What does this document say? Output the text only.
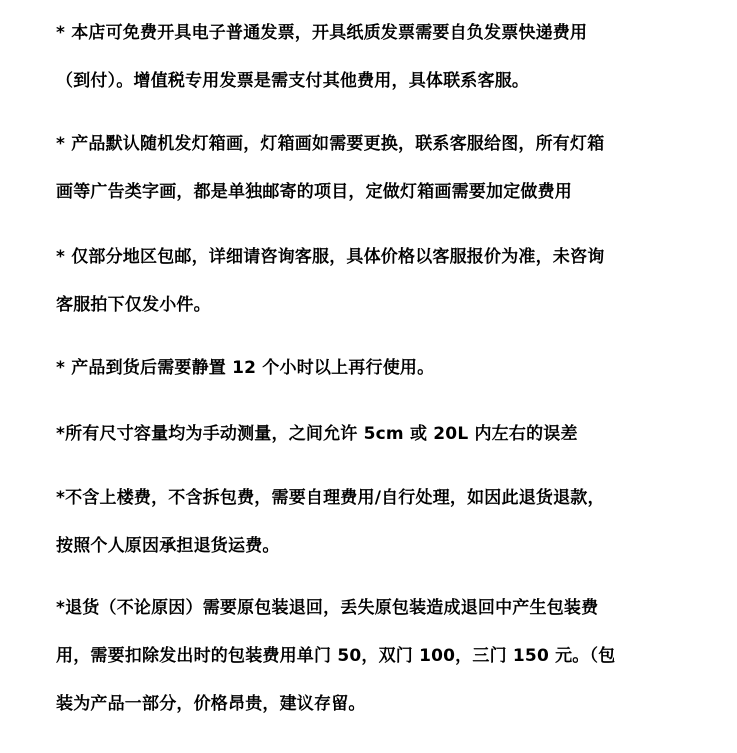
* 本店可免费开具电子普通发票，开具纸质发票需要自负发票快递费用
（到付）。增值税专用发票是需支付其他费用，具体联系客服。

* 产品默认随机发灯箱画，灯箱画如需要更换，联系客服给图，所有灯箱
画等广告类字画，都是单独邮寄的项目，定做灯箱画需要加定做费用

* 仅部分地区包邮，详细请咨询客服，具体价格以客服报价为准，未咨询
客服拍下仅发小件。

* 产品到货后需要静置 12 个小时以上再行使用。

*所有尺寸容量均为手动测量，之间允许 5cm 或 20L 内左右的误差

*不含上楼费，不含拆包费，需要自理费用/自行处理，如因此退货退款，
按照个人原因承担退货运费。

*退货（不论原因）需要原包装退回，丢失原包装造成退回中产生包装费
用，需要扣除发出时的包装费用单门 50，双门 100，三门 150 元。（包
装为产品一部分，价格昂贵，建议存留。
